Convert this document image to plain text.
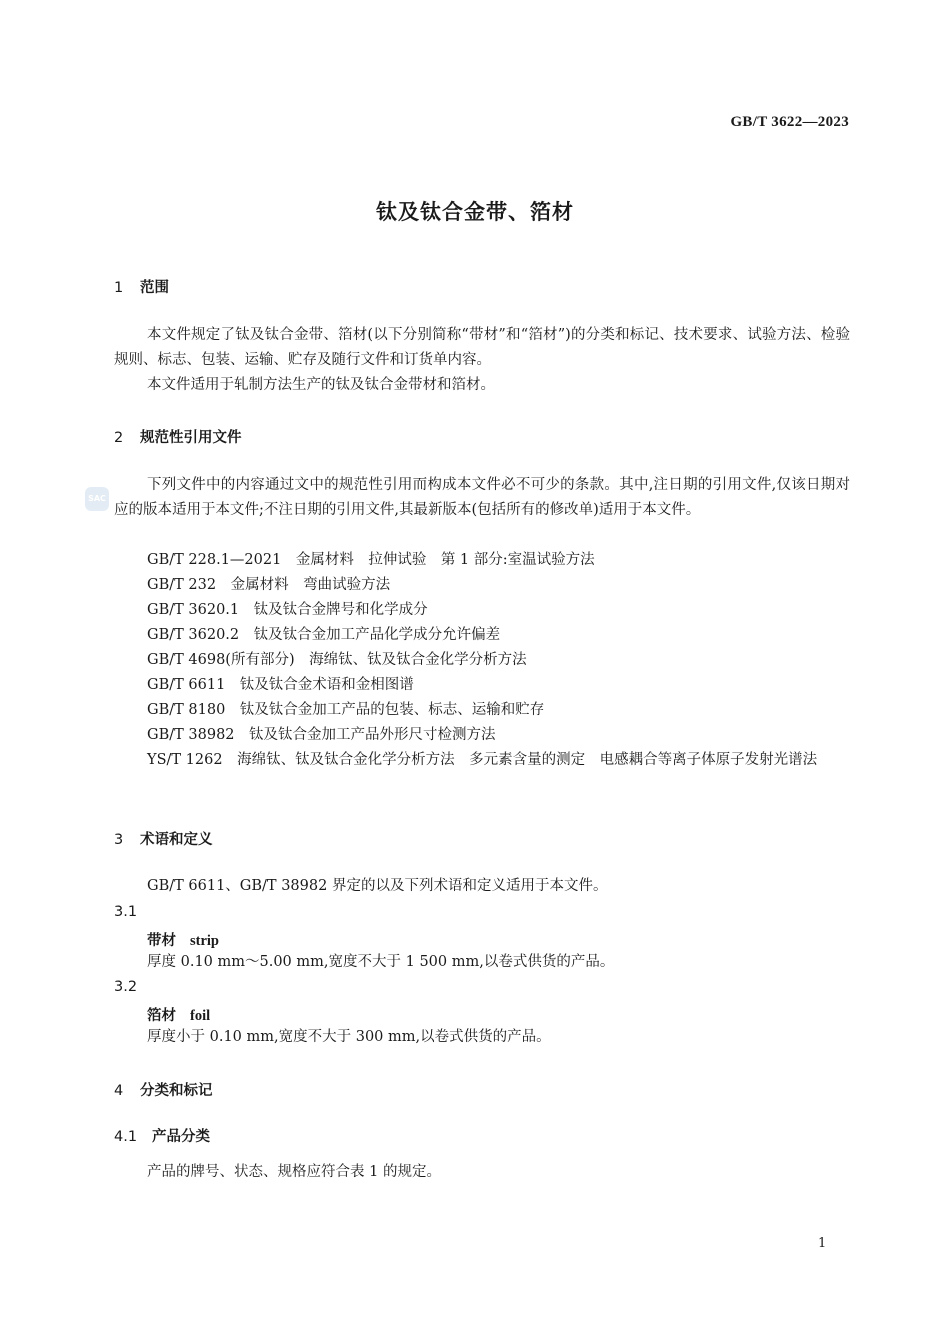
GB/T 3622—2023
SAC
钛及钛合金带、箔材
1 范围
本文件规定了钛及钛合金带、箔材(以下分别简称“带材”和“箔材”)的分类和标记、技术要求、试验方法、检验规则、标志、包装、运输、贮存及随行文件和订货单内容。
本文件适用于轧制方法生产的钛及钛合金带材和箔材。
2 规范性引用文件
下列文件中的内容通过文中的规范性引用而构成本文件必不可少的条款。其中,注日期的引用文件,仅该日期对应的版本适用于本文件;不注日期的引用文件,其最新版本(包括所有的修改单)适用于本文件。
GB/T 228.1—2021　金属材料　拉伸试验　第 1 部分:室温试验方法
GB/T 232　金属材料　弯曲试验方法
GB/T 3620.1　钛及钛合金牌号和化学成分
GB/T 3620.2　钛及钛合金加工产品化学成分允许偏差
GB/T 4698(所有部分)　海绵钛、钛及钛合金化学分析方法
GB/T 6611　钛及钛合金术语和金相图谱
GB/T 8180　钛及钛合金加工产品的包装、标志、运输和贮存
GB/T 38982　钛及钛合金加工产品外形尺寸检测方法
YS/T 1262　海绵钛、钛及钛合金化学分析方法　多元素含量的测定　电感耦合等离子体原子发射光谱法
3 术语和定义
GB/T 6611、GB/T 38982 界定的以及下列术语和定义适用于本文件。
3.1
带材 strip
厚度 0.10 mm～5.00 mm,宽度不大于 1 500 mm,以卷式供货的产品。
3.2
箔材 foil
厚度小于 0.10 mm,宽度不大于 300 mm,以卷式供货的产品。
4 分类和标记
4.1 产品分类
产品的牌号、状态、规格应符合表 1 的规定。
1
